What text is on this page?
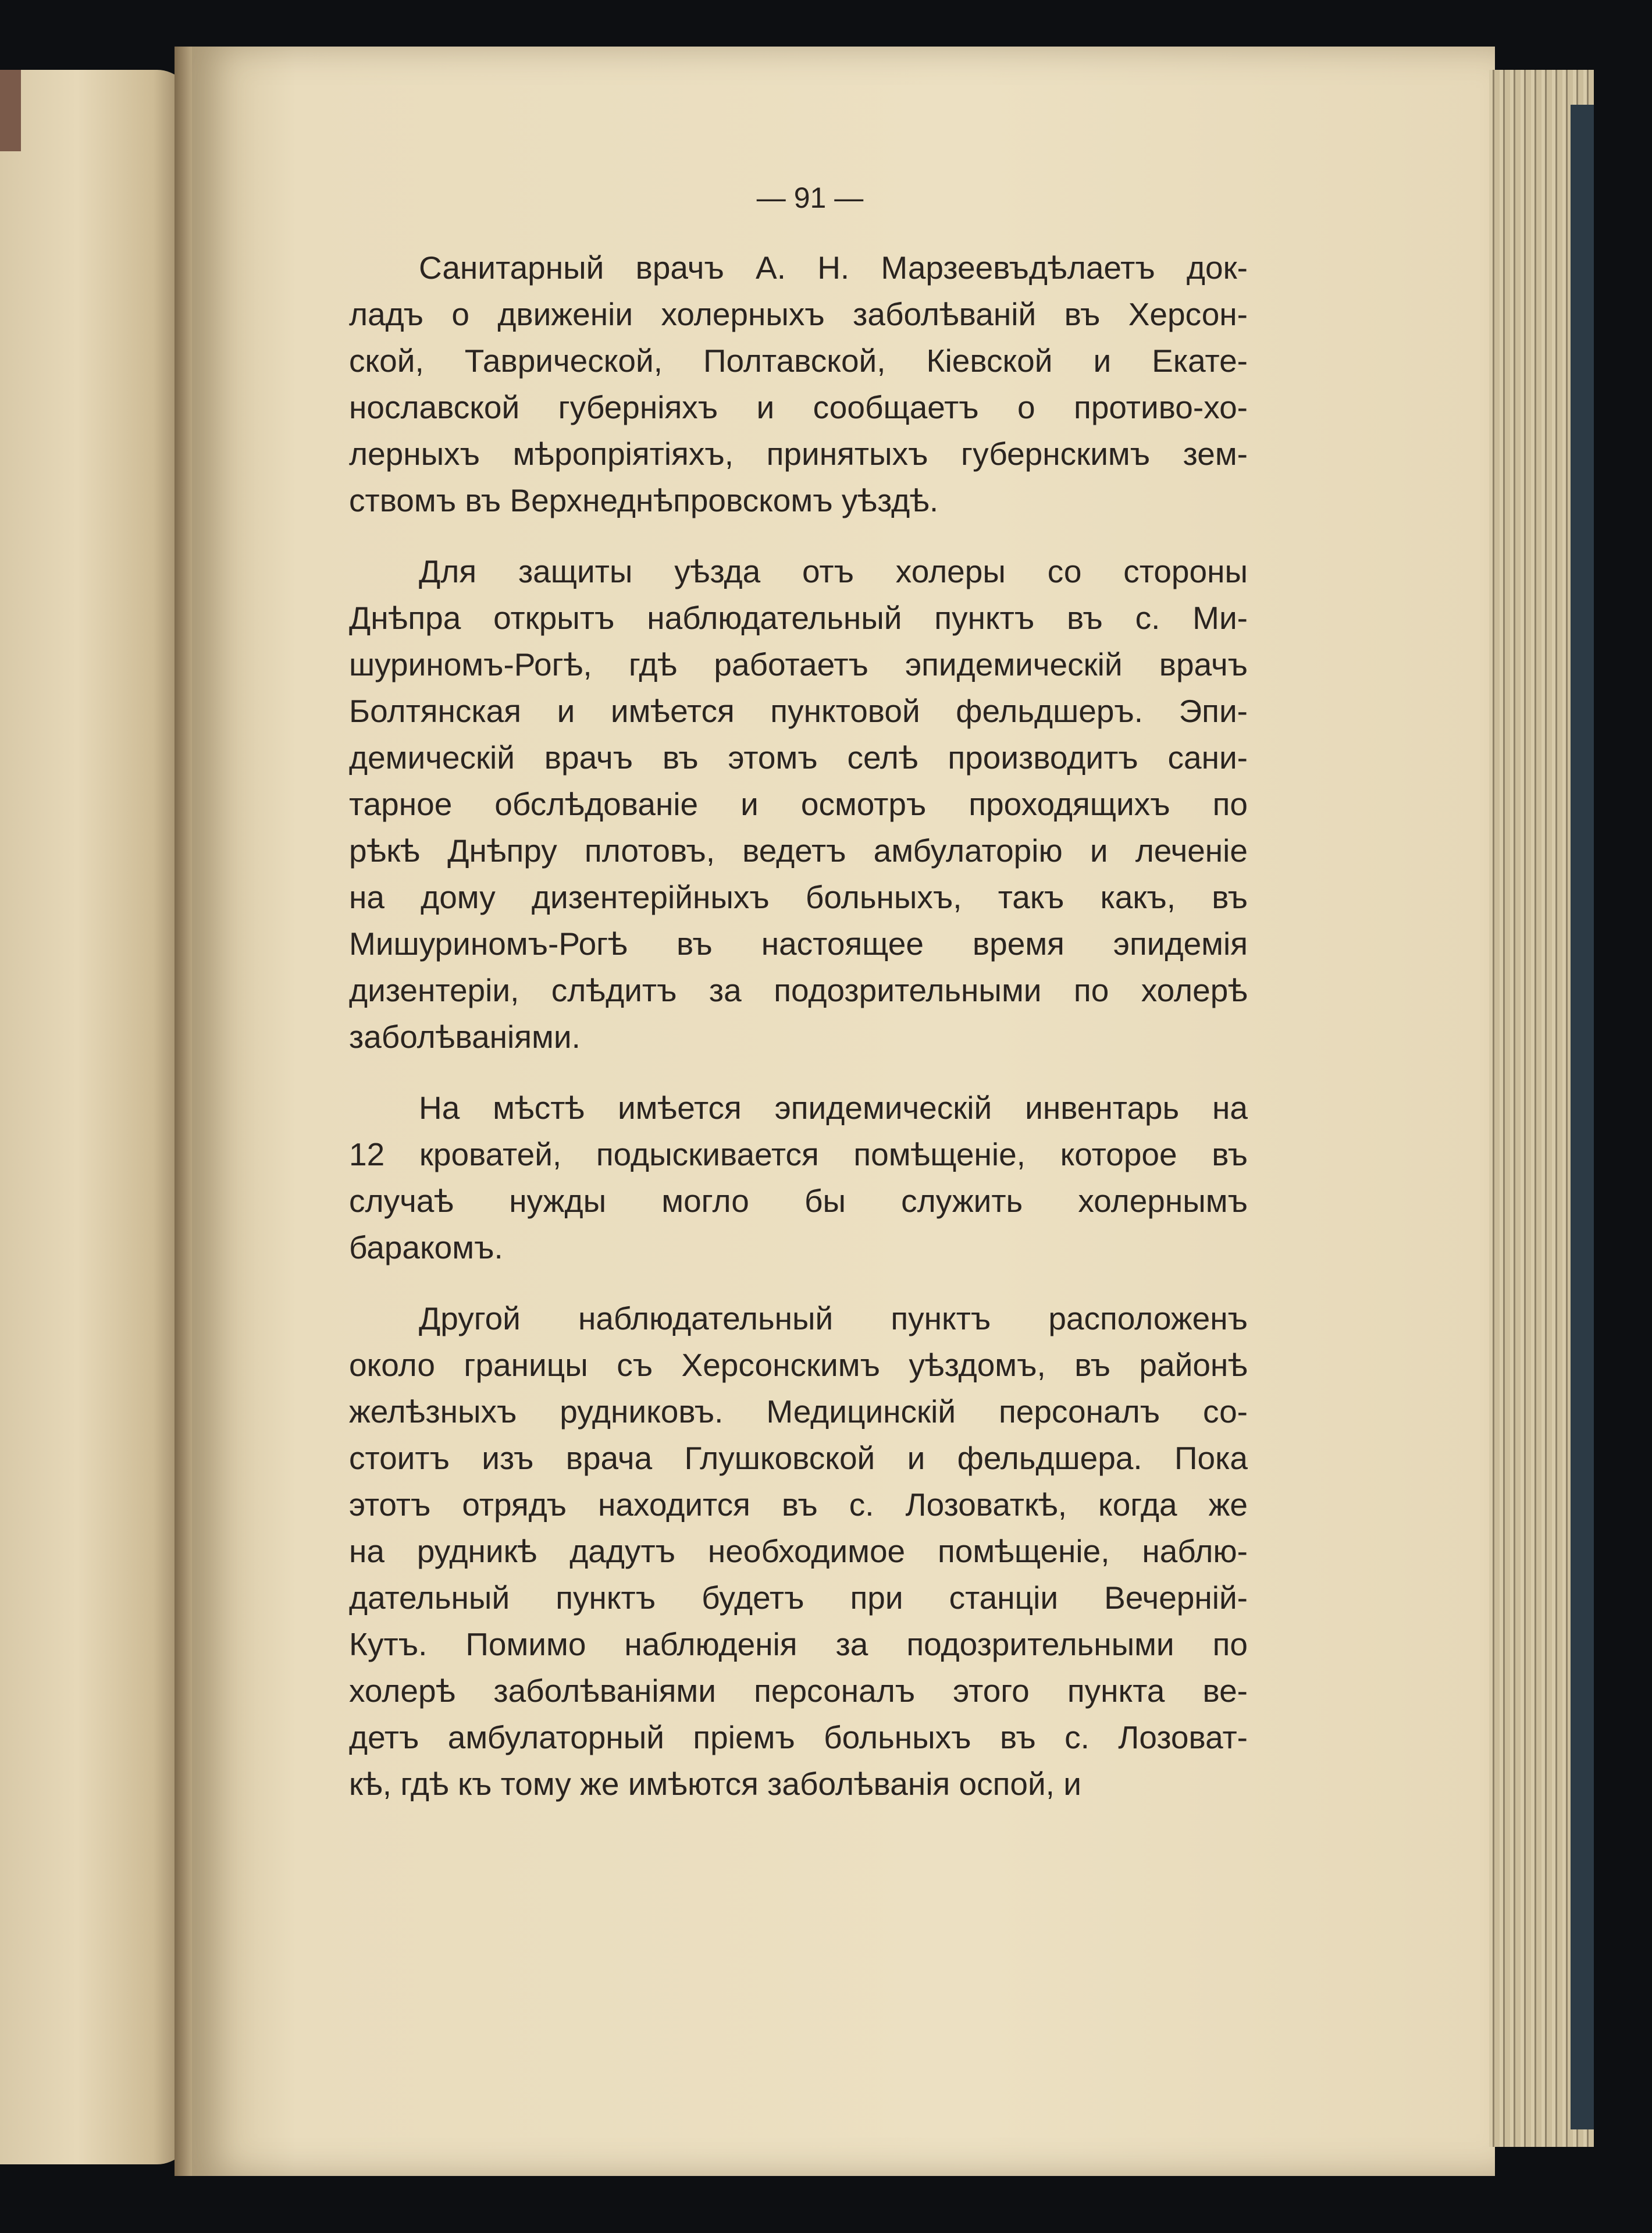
— 91 —
Санитарный врачъ А. Н. Марзеевъдѣлаетъ док-
ладъ о движеніи холерныхъ заболѣваній въ Херсон-
ской, Таврической, Полтавской, Кіевской и Екате-
нославской губерніяхъ и сообщаетъ о противо-хо-
лерныхъ мѣропріятіяхъ, принятыхъ губернскимъ зем-
ствомъ въ Верхнеднѣпровскомъ уѣздѣ.
Для защиты уѣзда отъ холеры со стороны
Днѣпра открытъ наблюдательный пунктъ въ с. Ми-
шуриномъ-Рогѣ, гдѣ работаетъ эпидемическій врачъ
Болтянская и имѣется пунктовой фельдшеръ. Эпи-
демическій врачъ въ этомъ селѣ производитъ сани-
тарное обслѣдованіе и осмотръ проходящихъ по
рѣкѣ Днѣпру плотовъ, ведетъ амбулаторію и леченіе
на дому дизентерійныхъ больныхъ, такъ какъ, въ
Мишуриномъ-Рогѣ въ настоящее время эпидемія
дизентеріи, слѣдитъ за подозрительными по холерѣ
заболѣваніями.
На мѣстѣ имѣется эпидемическій инвентарь на
12 кроватей, подыскивается помѣщеніе, которое въ
случаѣ нужды могло бы служить холернымъ
баракомъ.
Другой наблюдательный пунктъ расположенъ
около границы съ Херсонскимъ уѣздомъ, въ районѣ
желѣзныхъ рудниковъ. Медицинскій персоналъ со-
стоитъ изъ врача Глушковской и фельдшера. Пока
этотъ отрядъ находится въ с. Лозоваткѣ, когда же
на рудникѣ дадутъ необходимое помѣщеніе, наблю-
дательный пунктъ будетъ при станціи Вечерній-
Кутъ. Помимо наблюденія за подозрительными по
холерѣ заболѣваніями персоналъ этого пункта ве-
детъ амбулаторный пріемъ больныхъ въ с. Лозоват-
кѣ, гдѣ къ тому же имѣются заболѣванія оспой, и
